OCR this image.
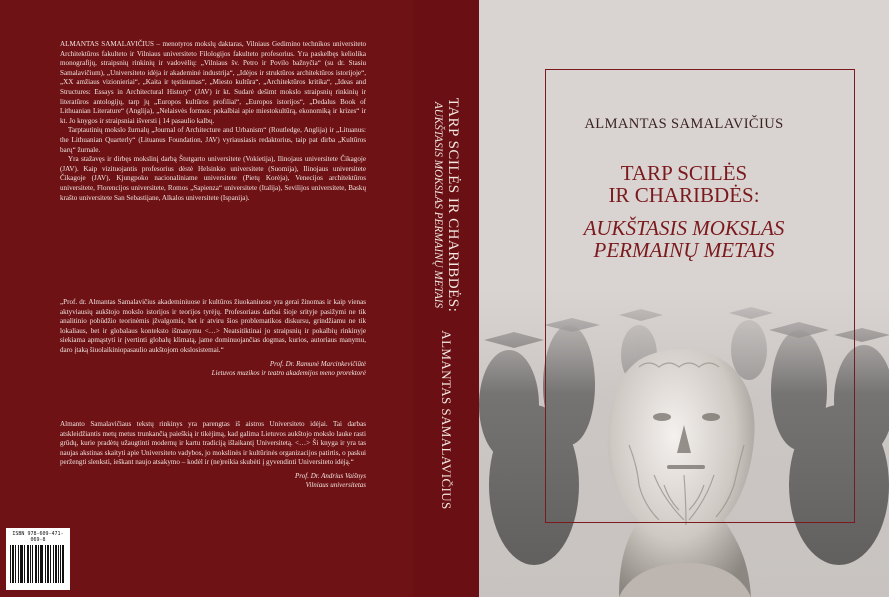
ALMANTAS SAMALAVIČIUS – menotyros mokslų daktaras, Vilniaus Gedimino technikos universiteto Architektūros fakulteto ir Vilniaus universiteto Filologijos fakulteto profesorius. Yra paskelbęs keliolika monografijų, straipsnių rinkinių ir vadovėlių: „Vilniaus šv. Petro ir Povilo bažnyčia“ (su dr. Stasiu Samalavičium), „Universiteto idėja ir akademinė industrija“, „Idėjos ir struktūros architektūros istorijoje“, „XX amžiaus vizionieriai“, „Kaita ir tęstinumas“, „Miesto kultūra“, „Architektūros kritika“, „Ideas and Structures: Essays in Architectural History“ (JAV) ir kt. Sudarė dešimt mokslo straipsnių rinkinių ir literatūros antologijų, tarp jų „Europos kultūros profiliai“, „Europos istorijos“, „Dedalus Book of Lithuanian Literature“ (Anglija), „Nelaisvės formos: pokalbiai apie miestokultūrą, ekonomiką ir krizes“ ir kt. Jo knygos ir straipsniai išversti į 14 pasaulio kalbų.

Tarptautinių mokslo žurnalų „Journal of Architecture and Urbanism“ (Routledge, Anglija) ir „Lituanus: the Lithuanian Quarterly“ (Lituanus Foundation, JAV) vyriausiasis redaktorius, taip pat dirba „Kultūros barų“ žurnale.

Yra stažavęs ir dirbęs mokslinį darbą Štutgarto universitete (Vokietija), Ilinojaus universitete Čikagoje (JAV). Kaip vizituojantis profesorius dėstė Helsinkio universitete (Suomija), Ilinojaus universitete Čikagoje (JAV), Kjungpoko nacionaliniame universitete (Pietų Korėja), Venecijos architektūros universitete, Florencijos universitete, Romos „Sapienza“ universitete (Italija), Sevilijos universitete, Baskų krašto universitete San Sebastiįane, Alkalos universitete (Ispanija).

„Prof. dr. Almantas Samalavičius akademiniuose ir kultūros žiuokaniuose yra gerai žinomas ir kaip vienas aktyviausių aukštojo mokslo istorijos ir teorijos tyrėjų. Profesoriaus darbai šioje srityje pasižymi ne tik analitinio pobūdžio teorinėmis įžvalgomis, bet ir atviru šios problematikos diskursu, grindžiamu ne tik lokaliaus, bet ir globalaus konteksto išmanymu <…> Neatsitiktinai jo straipsnių ir pokalbių rinkinyje siekiama apmąstyti ir įvertinti globalų klimatą, jame dominuojančias dogmas, kurios, autoriaus manymu, daro įtaką šiuolaikiniopasaulio aukštojom okslosistemai.“

Prof. Dr. Ramunė Marcinkevičiūtė
Lietuvos muzikos ir teatro akademijos meno prorektorė

Almanto Samalavičiaus tekstų rinkinys yra parengtas iš aistros Universiteto idėjai. Tai darbas atskleidžiantis metų metus trunkančią paieškią ir tikėjimą, kad galima Lietuvos aukštojo mokslo lauke rasti grūdų, kurie pradėtų užaugtinti modernų ir kartu tradiciją išlaikantį Universitetą. <…> Ši knyga ir yra tas naujas akstinas skaityti apie Universiteto vadybos, jo mokslinės ir kultūrinės organizacijos patirtis, o paskui peržengti slenksti, ieškant naujo atsakymo – kodėl ir (ne)reikia skubėti į gyvendinti Universiteto idėją.“

Prof. Dr. Andrius Vaišnys
Vilniaus universitetas
ISBN 978-609-471-069-8
TARP SCILĖS IR CHARIBDĖS:
AUKŠTASIS MOKSLAS PERMAINŲ METAIS
ALMANTAS SAMALAVIČIUS
ALMANTAS SAMALAVIČIUS
TARP SCILĖS
IR CHARIBDĖS:
AUKŠTASIS MOKSLAS
PERMAINŲ METAIS
